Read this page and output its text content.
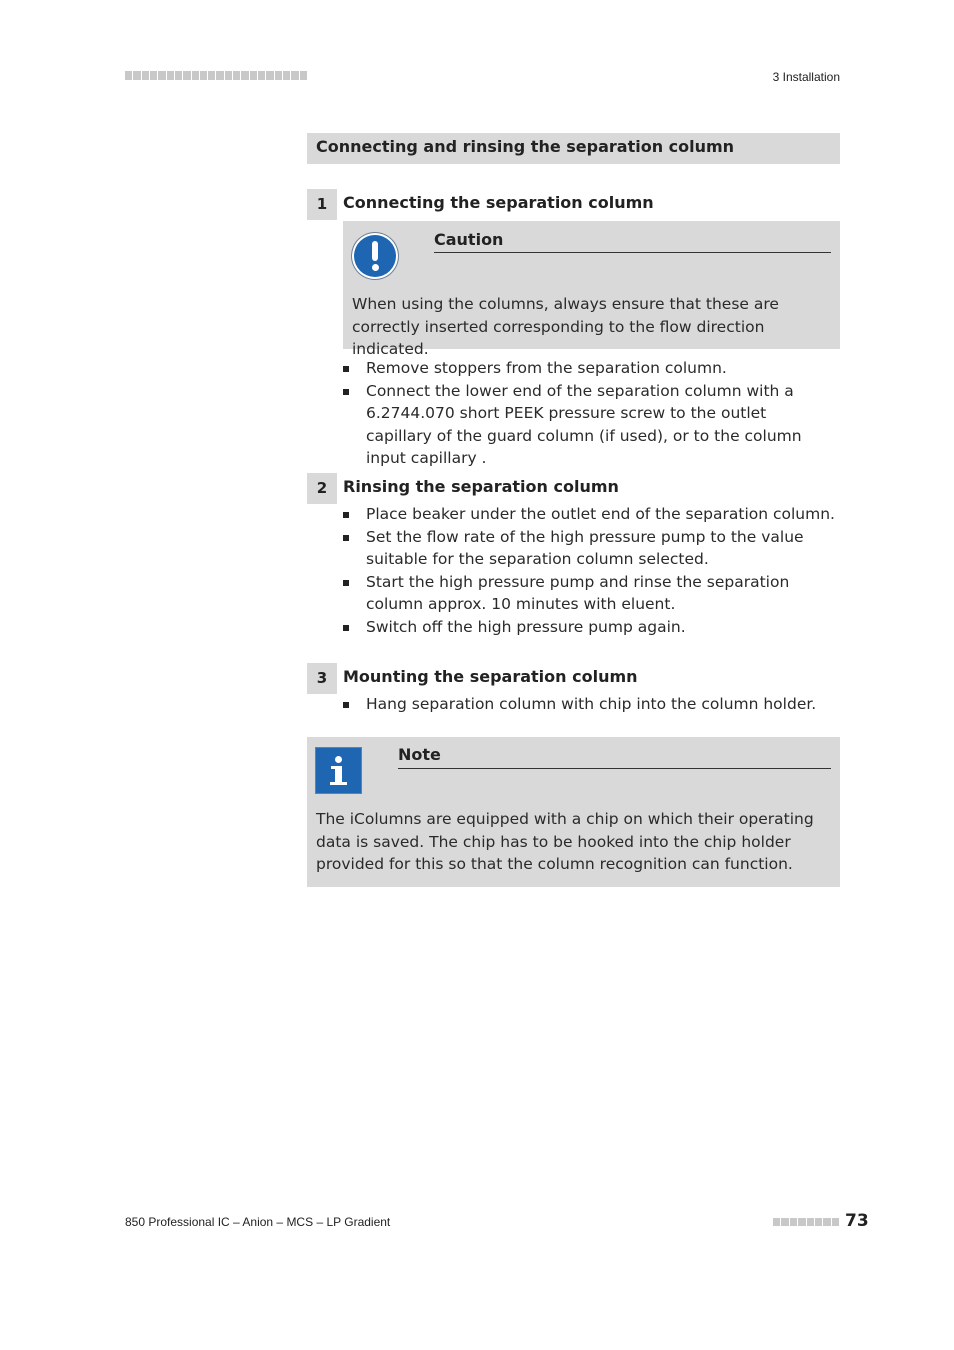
3 Installation
Connecting and rinsing the separation column
1 Connecting the separation column
Caution
When using the columns, always ensure that these are correctly inserted corresponding to the flow direction indicated.
Remove stoppers from the separation column.
Connect the lower end of the separation column with a 6.2744.070 short PEEK pressure screw to the outlet capillary of the guard column (if used), or to the column input capillary .
2 Rinsing the separation column
Place beaker under the outlet end of the separation column.
Set the flow rate of the high pressure pump to the value suitable for the separation column selected.
Start the high pressure pump and rinse the separation column approx. 10 minutes with eluent.
Switch off the high pressure pump again.
3 Mounting the separation column
Hang separation column with chip into the column holder.
Note
The iColumns are equipped with a chip on which their operating data is saved. The chip has to be hooked into the chip holder provided for this so that the column recognition can function.
850 Professional IC – Anion – MCS – LP Gradient	73
